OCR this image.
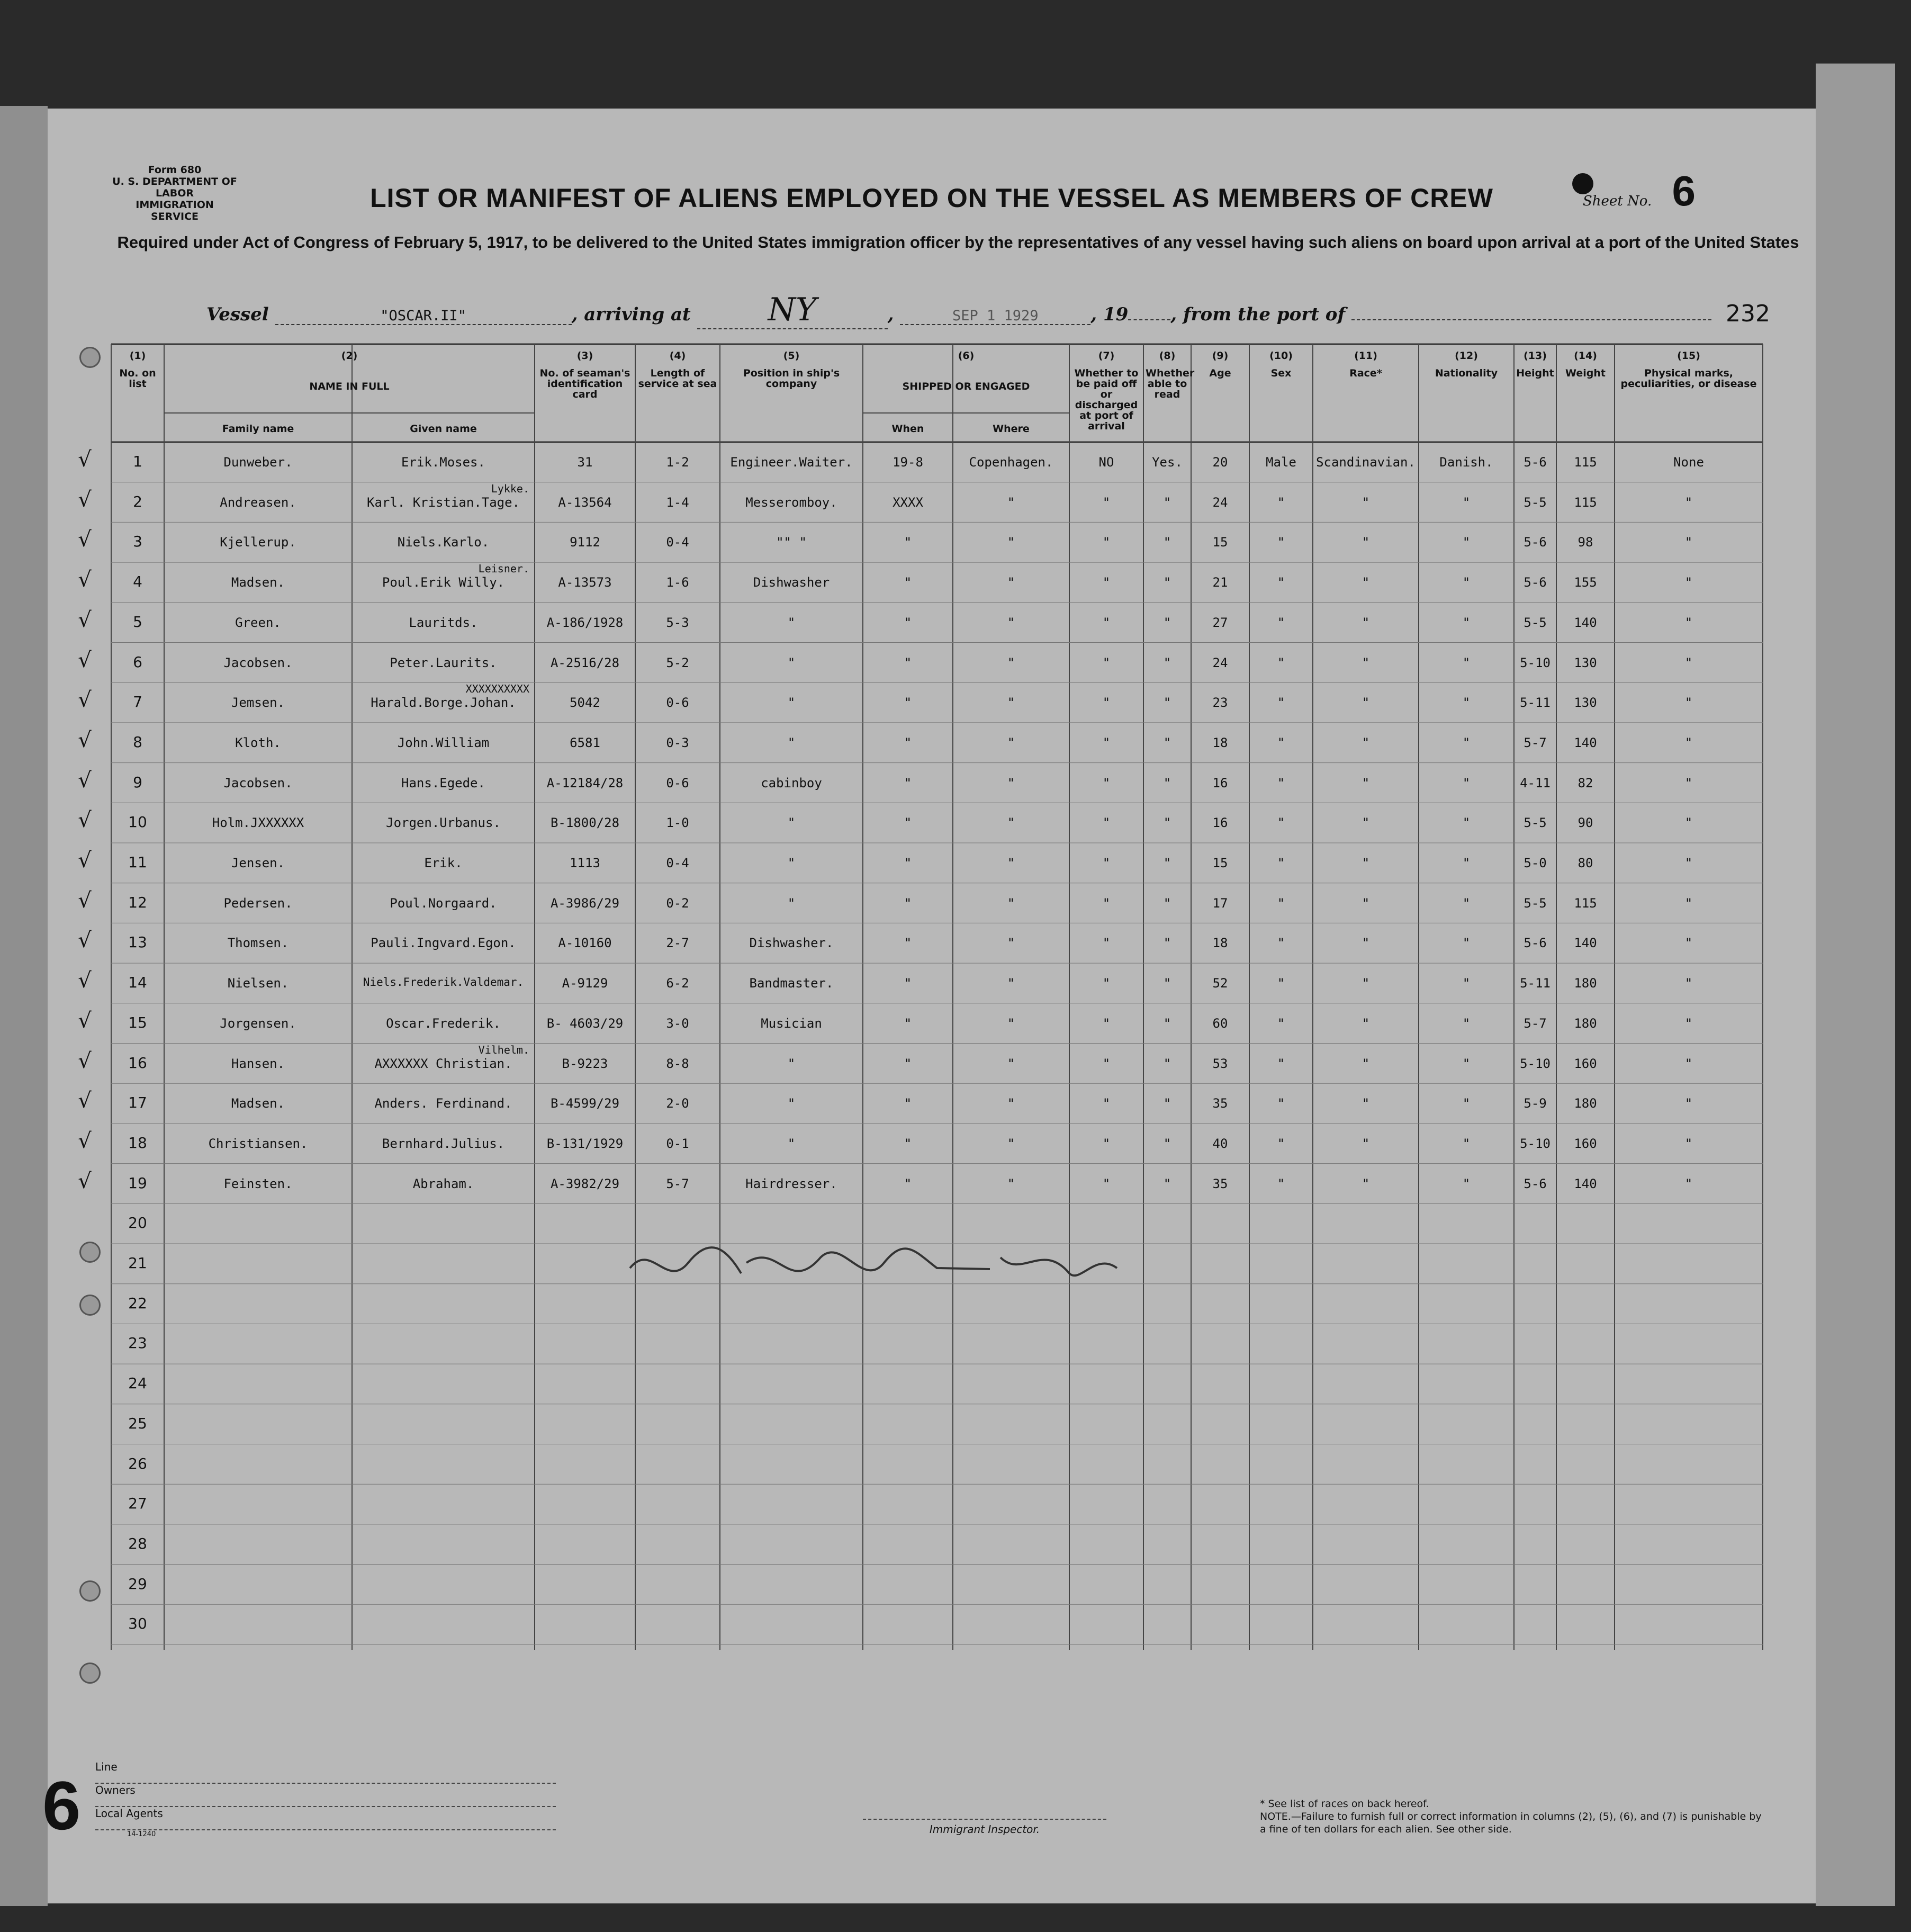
Form 680
U. S. DEPARTMENT OF LABOR
IMMIGRATION SERVICE
LIST OR MANIFEST OF ALIENS EMPLOYED ON THE VESSEL AS MEMBERS OF CREW
Required under Act of Congress of February 5, 1917, to be delivered to the United States immigration officer by the representatives of any vessel having such aliens on board upon arrival at a port of the United States
Sheet No. 6
Vessel	"OSCAR.II"	, arriving at NY	,	SEP 1 1929	, 19 , from the port of	232
(1)
No. on list
(2)
NAME IN FULL
Family name	Given name
(3)
No. of seaman's identification card
(4)
Length of service at sea
(5)
Position in ship's company
(6)
SHIPPED OR ENGAGED
When	Where
(7)
Whether to be paid off or discharged at port of arrival
(8)
Whether able to read
(9)
Age
(10)
Sex
(11)
Race*
(12)
Nationality
(13)
Height
(14)
Weight
(15)
Physical marks, peculiarities, or disease
1	Dunweber.	Erik.Moses.	31	1-2	Engineer.Waiter.	19-8	Copenhagen.	NO	Yes.	20	Male	Scandinavian.	Danish.	5-6	115	None
2	Andreasen.	Karl. Kristian.Tage.	A-13564	1-4	Messeromboy.	XXXX	"	"	"	24	"	"	"	5-5	115	"
Lykke.
3	Kjellerup.	Niels.Karlo.	9112	0-4	"" "	"	"	"	"	15	"	"	"	5-6	98	"
4	Madsen.	Poul.Erik Willy.	A-13573	1-6	Dishwasher	"	"	"	"	21	"	"	"	5-6	155	"
Leisner.
5	Green.	Lauritds.	A-186/1928	5-3	"	"	"	"	"	27	"	"	"	5-5	140	"
6	Jacobsen.	Peter.Laurits.	A-2516/28	5-2	"	"	"	"	"	24	"	"	"	5-10	130	"
7	Jemsen.	Harald.Borge.Johan.	5042	0-6	"	"	"	"	"	23	"	"	"	5-11	130	"
XXXXXXXXXX
8	Kloth.	John.William	6581	0-3	"	"	"	"	"	18	"	"	"	5-7	140	"
9	Jacobsen.	Hans.Egede.	A-12184/28	0-6	cabinboy	"	"	"	"	16	"	"	"	4-11	82	"
10	Holm.JXXXXXX	Jorgen.Urbanus.	B-1800/28	1-0	"	"	"	"	"	16	"	"	"	5-5	90	"
11	Jensen.	Erik.	1113	0-4	"	"	"	"	"	15	"	"	"	5-0	80	"
12	Pedersen.	Poul.Norgaard.	A-3986/29	0-2	"	"	"	"	"	17	"	"	"	5-5	115	"
13	Thomsen.	Pauli.Ingvard.Egon.	A-10160	2-7	Dishwasher.	"	"	"	"	18	"	"	"	5-6	140	"
14	Nielsen.	Niels.Frederik.Valdemar.	A-9129	6-2	Bandmaster.	"	"	"	"	52	"	"	"	5-11	180	"
15	Jorgensen.	Oscar.Frederik.	B- 4603/29	3-0	Musician	"	"	"	"	60	"	"	"	5-7	180	"
16	Hansen.	AXXXXXX Christian.	B-9223	8-8	"	"	"	"	"	53	"	"	"	5-10	160	"
Vilhelm.
17	Madsen.	Anders. Ferdinand.	B-4599/29	2-0	"	"	"	"	"	35	"	"	"	5-9	180	"
18	Christiansen.	Bernhard.Julius.	B-131/1929	0-1	"	"	"	"	"	40	"	"	"	5-10	160	"
19	Feinsten.	Abraham.	A-3982/29	5-7	Hairdresser.	"	"	"	"	35	"	"	"	5-6	140	"
20
21
22
23
24
25
26
27
28
29
30
√
√
√
√
√
√
√
√
√
√
√
√
√
√
√
√
√
√
√
6 Line
Owners
Local Agents
14-1240	Immigrant Inspector.
* See list of races on back hereof.
NOTE.—Failure to furnish full or correct information in columns (2), (5), (6), and (7) is punishable by a fine of ten dollars for each alien. See other side.
